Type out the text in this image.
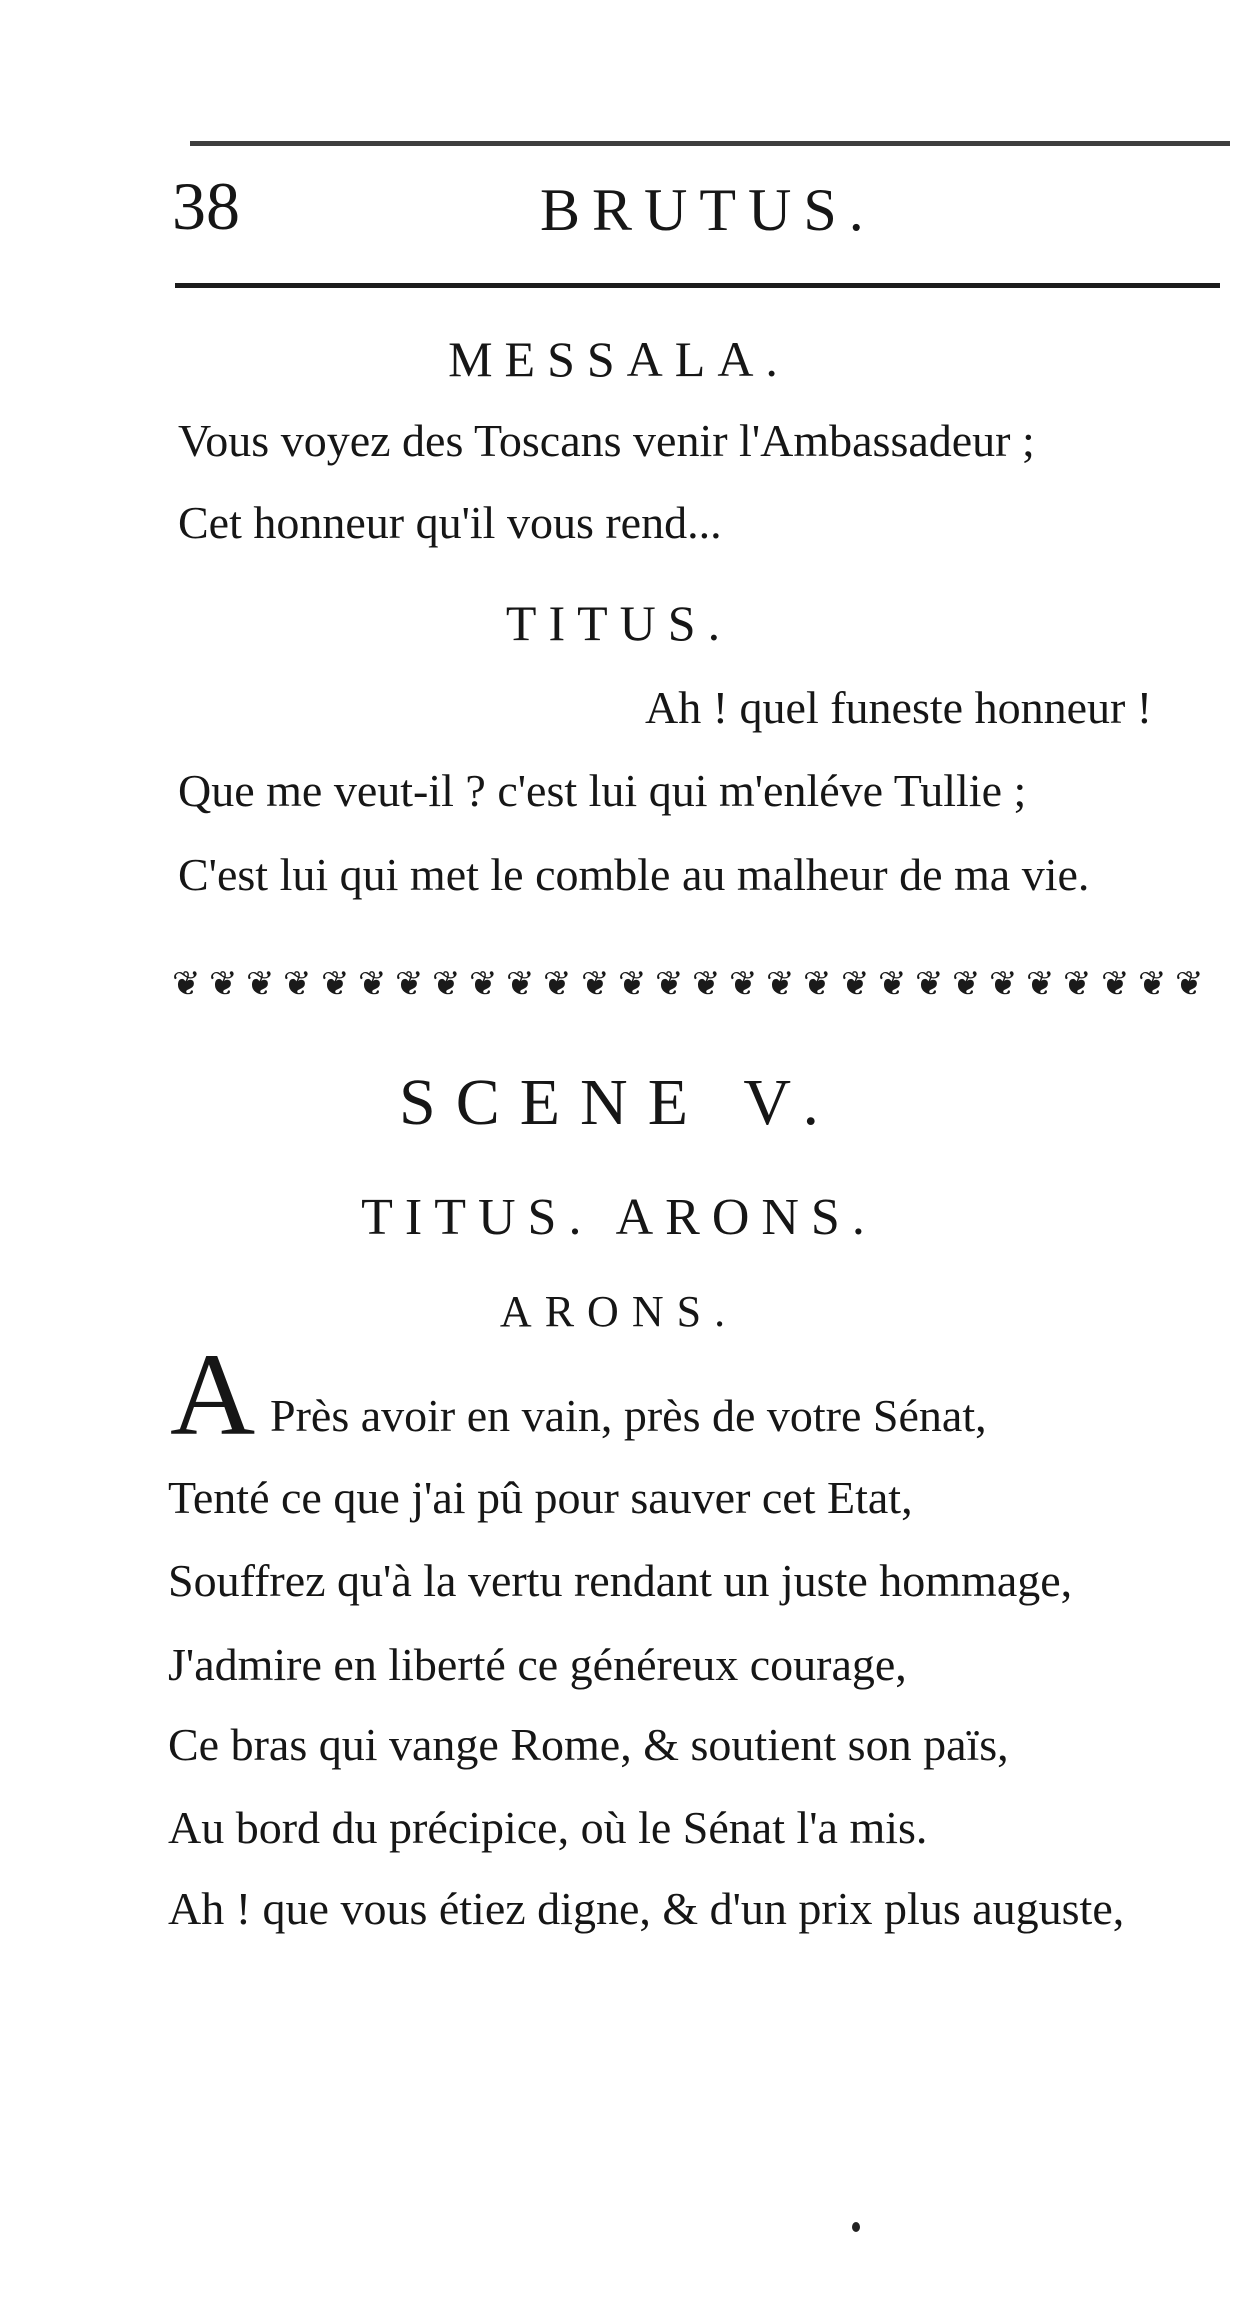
38	BRUTUS.
MESSALA.
Vous voyez des Toscans venir l'Ambassadeur ;
Cet honneur qu'il vous rend...
TITUS.
Ah ! quel funeste honneur !
Que me veut-il ? c'est lui qui m'enléve Tullie ;
C'est lui qui met le comble au malheur de ma vie.
❦ ❦ ❦ ❦ ❦ ❦ ❦ ❦ ❦ ❦ ❦ ❦ ❦ ❦ ❦ ❦ ❦ ❦ ❦ ❦ ❦ ❦ ❦ ❦ ❦ ❦ ❦ ❦
SCENE V.
TITUS. ARONS.
ARONS.
A Près avoir en vain, près de votre Sénat,
Tenté ce que j'ai pû pour sauver cet Etat,
Souffrez qu'à la vertu rendant un juste hommage,
J'admire en liberté ce généreux courage,
Ce bras qui vange Rome, & soutient son païs,
Au bord du précipice, où le Sénat l'a mis.
Ah ! que vous étiez digne, & d'un prix plus auguste,
